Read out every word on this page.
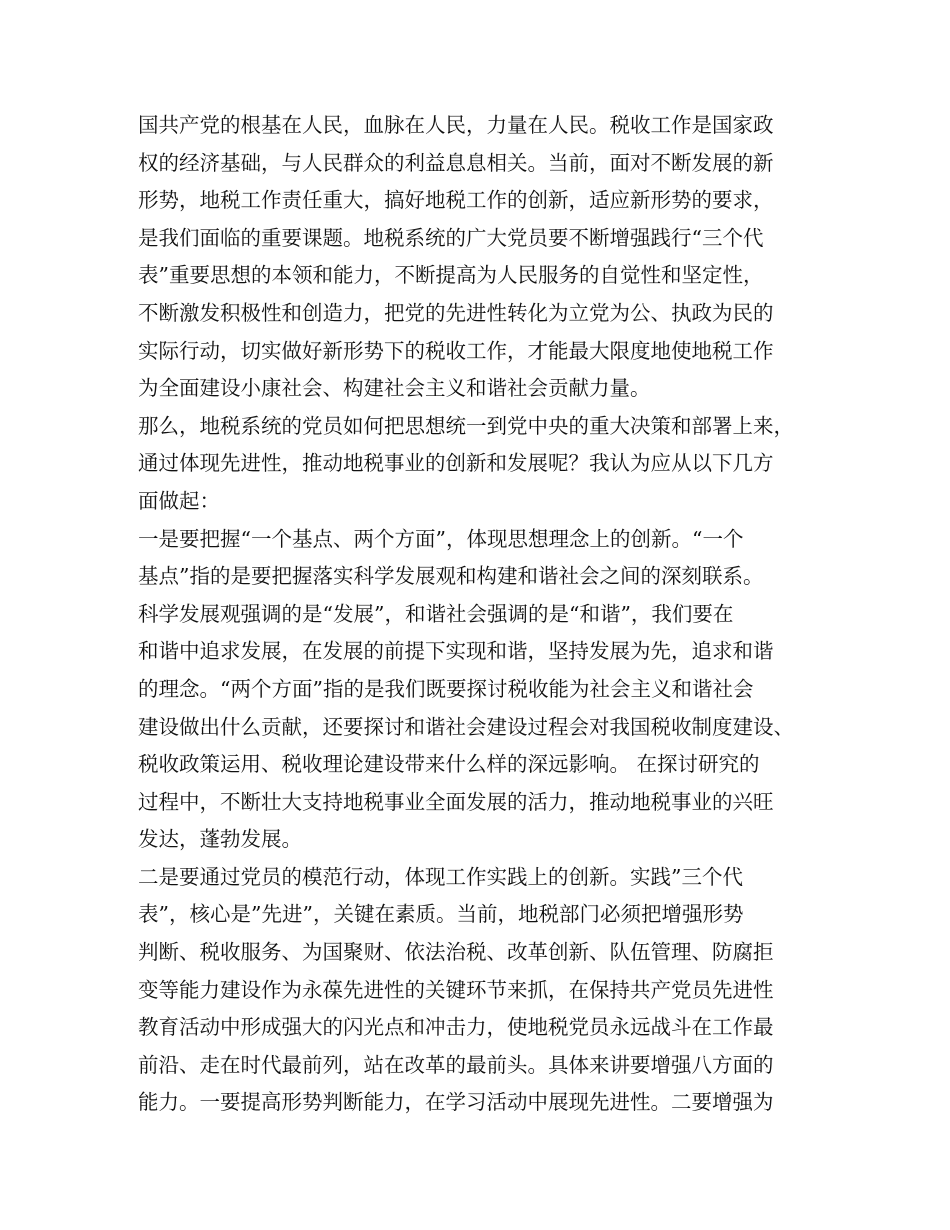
国共产党的根基在人民，血脉在人民，力量在人民。税收工作是国家政
权的经济基础，与人民群众的利益息息相关。当前，面对不断发展的新
形势，地税工作责任重大，搞好地税工作的创新，适应新形势的要求，
是我们面临的重要课题。地税系统的广大党员要不断增强践行“三个代
表”重要思想的本领和能力，不断提高为人民服务的自觉性和坚定性，
不断激发积极性和创造力，把党的先进性转化为立党为公、执政为民的
实际行动，切实做好新形势下的税收工作，才能最大限度地使地税工作
为全面建设小康社会、构建社会主义和谐社会贡献力量。
那么，地税系统的党员如何把思想统一到党中央的重大决策和部署上来，
通过体现先进性，推动地税事业的创新和发展呢？我认为应从以下几方
面做起：
一是要把握“一个基点、两个方面”，体现思想理念上的创新。“一个
基点”指的是要把握落实科学发展观和构建和谐社会之间的深刻联系。
科学发展观强调的是“发展”，和谐社会强调的是“和谐”，我们要在
和谐中追求发展，在发展的前提下实现和谐，坚持发展为先，追求和谐
的理念。“两个方面”指的是我们既要探讨税收能为社会主义和谐社会
建设做出什么贡献，还要探讨和谐社会建设过程会对我国税收制度建设、
税收政策运用、税收理论建设带来什么样的深远影响。 在探讨研究的
过程中，不断壮大支持地税事业全面发展的活力，推动地税事业的兴旺
发达，蓬勃发展。
二是要通过党员的模范行动，体现工作实践上的创新。实践”三个代
表”，核心是”先进”，关键在素质。当前，地税部门必须把增强形势
判断、税收服务、为国聚财、依法治税、改革创新、队伍管理、防腐拒
变等能力建设作为永葆先进性的关键环节来抓，在保持共产党员先进性
教育活动中形成强大的闪光点和冲击力，使地税党员永远战斗在工作最
前沿、走在时代最前列，站在改革的最前头。具体来讲要增强八方面的
能力。一要提高形势判断能力，在学习活动中展现先进性。二要增强为
